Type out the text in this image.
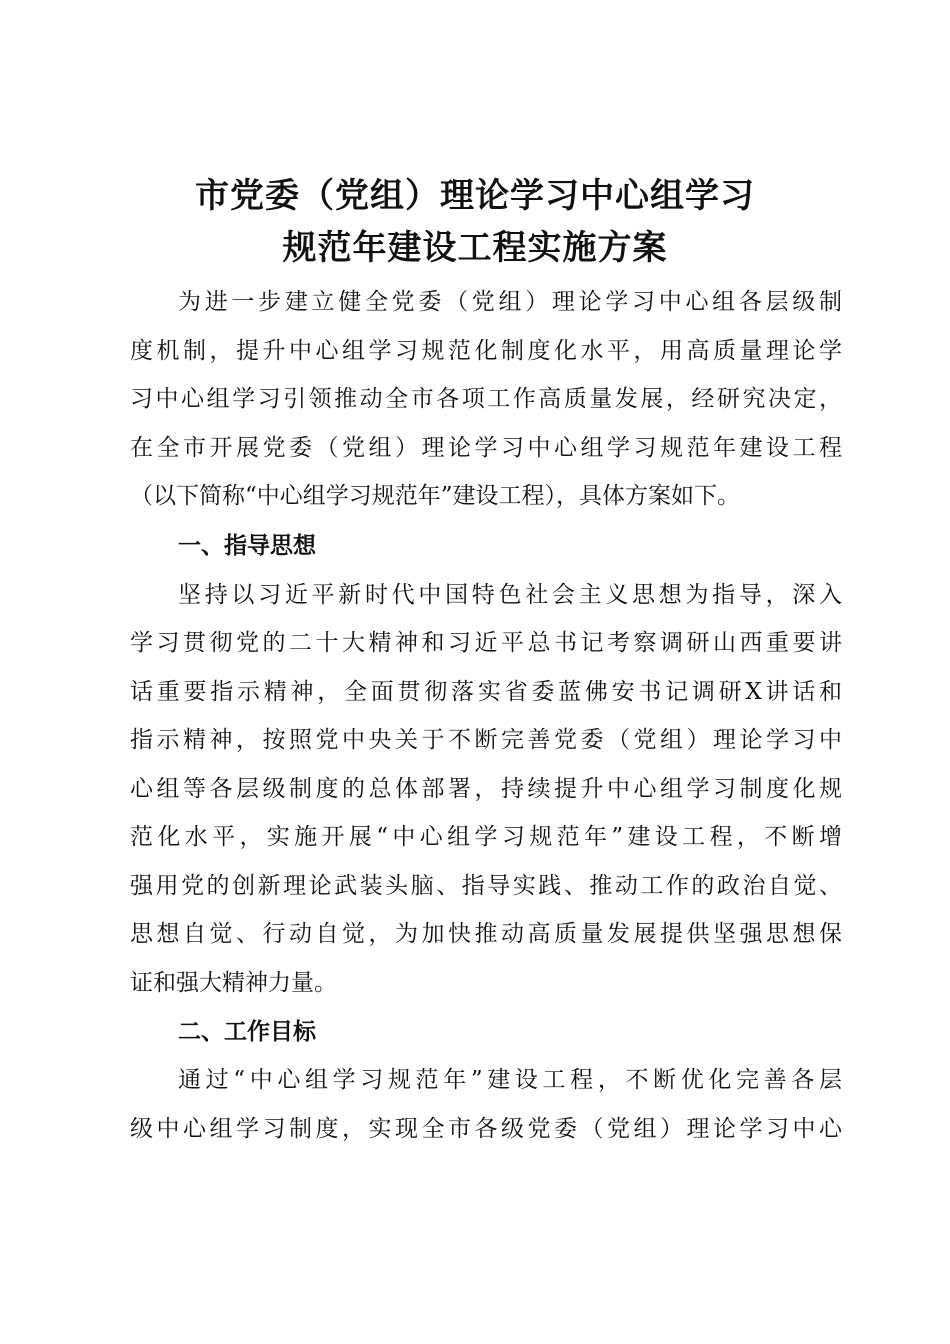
市党委（党组）理论学习中心组学习
规范年建设工程实施方案
为进一步建立健全党委（党组）理论学习中心组各层级制
度机制，提升中心组学习规范化制度化水平，用高质量理论学
习中心组学习引领推动全市各项工作高质量发展，经研究决定，
在全市开展党委（党组）理论学习中心组学习规范年建设工程
（以下简称“中心组学习规范年”建设工程），具体方案如下。
一、指导思想
坚持以习近平新时代中国特色社会主义思想为指导，深入
学习贯彻党的二十大精神和习近平总书记考察调研山西重要讲
话重要指示精神，全面贯彻落实省委蓝佛安书记调研X讲话和
指示精神，按照党中央关于不断完善党委（党组）理论学习中
心组等各层级制度的总体部署，持续提升中心组学习制度化规
范化水平，实施开展“中心组学习规范年”建设工程，不断增
强用党的创新理论武装头脑、指导实践、推动工作的政治自觉、
思想自觉、行动自觉，为加快推动高质量发展提供坚强思想保
证和强大精神力量。
二、工作目标
通过“中心组学习规范年”建设工程，不断优化完善各层
级中心组学习制度，实现全市各级党委（党组）理论学习中心
